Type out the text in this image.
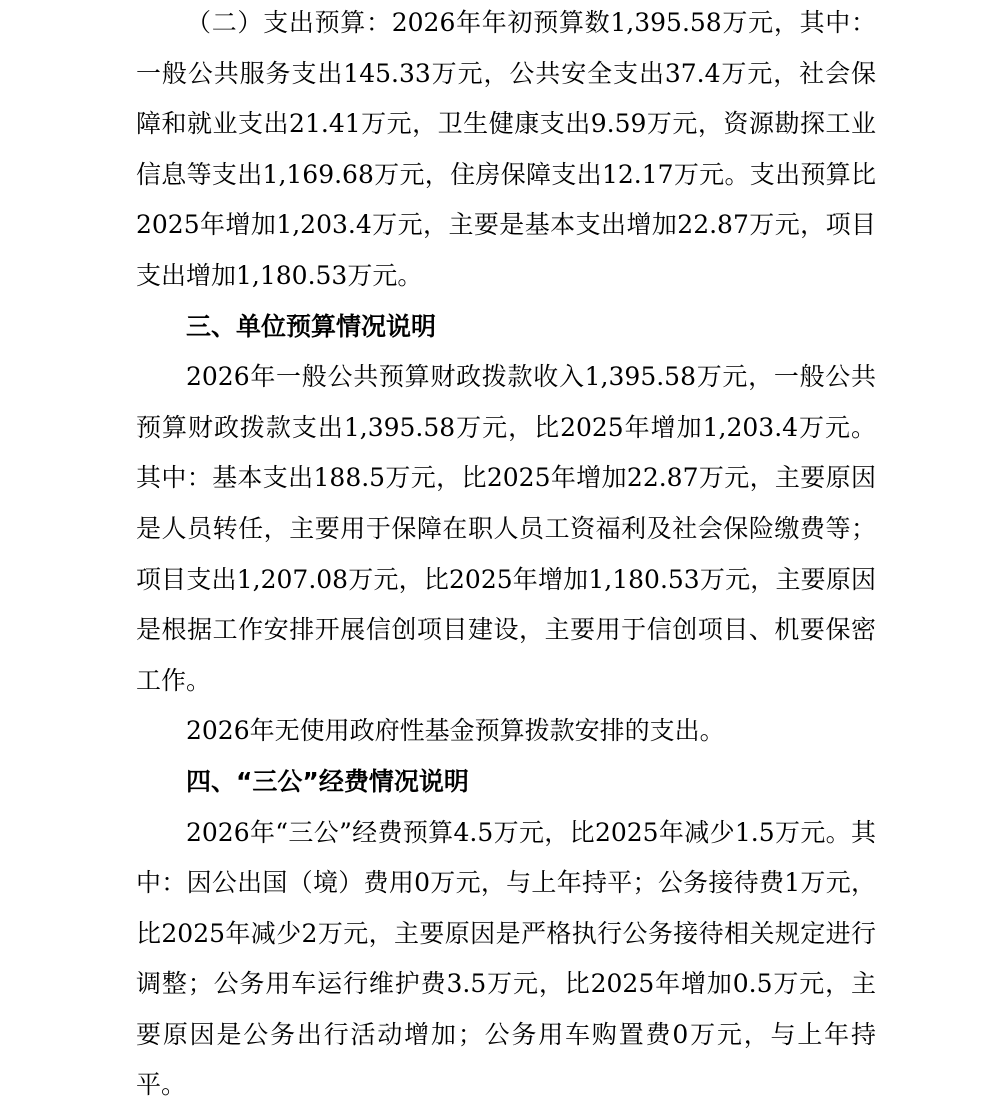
（二）支出预算：2026年年初预算数1,395.58万元，其中：一般公共服务支出145.33万元，公共安全支出37.4万元，社会保障和就业支出21.41万元，卫生健康支出9.59万元，资源勘探工业信息等支出1,169.68万元，住房保障支出12.17万元。支出预算比2025年增加1,203.4万元，主要是基本支出增加22.87万元，项目支出增加1,180.53万元。

三、单位预算情况说明

2026年一般公共预算财政拨款收入1,395.58万元，一般公共预算财政拨款支出1,395.58万元，比2025年增加1,203.4万元。其中：基本支出188.5万元，比2025年增加22.87万元，主要原因是人员转任，主要用于保障在职人员工资福利及社会保险缴费等；项目支出1,207.08万元，比2025年增加1,180.53万元，主要原因是根据工作安排开展信创项目建设，主要用于信创项目、机要保密工作。

2026年无使用政府性基金预算拨款安排的支出。

四、“三公”经费情况说明

2026年“三公”经费预算4.5万元，比2025年减少1.5万元。其中：因公出国（境）费用0万元，与上年持平；公务接待费1万元，比2025年减少2万元，主要原因是严格执行公务接待相关规定进行调整；公务用车运行维护费3.5万元，比2025年增加0.5万元，主要原因是公务出行活动增加；公务用车购置费0万元，与上年持平。
